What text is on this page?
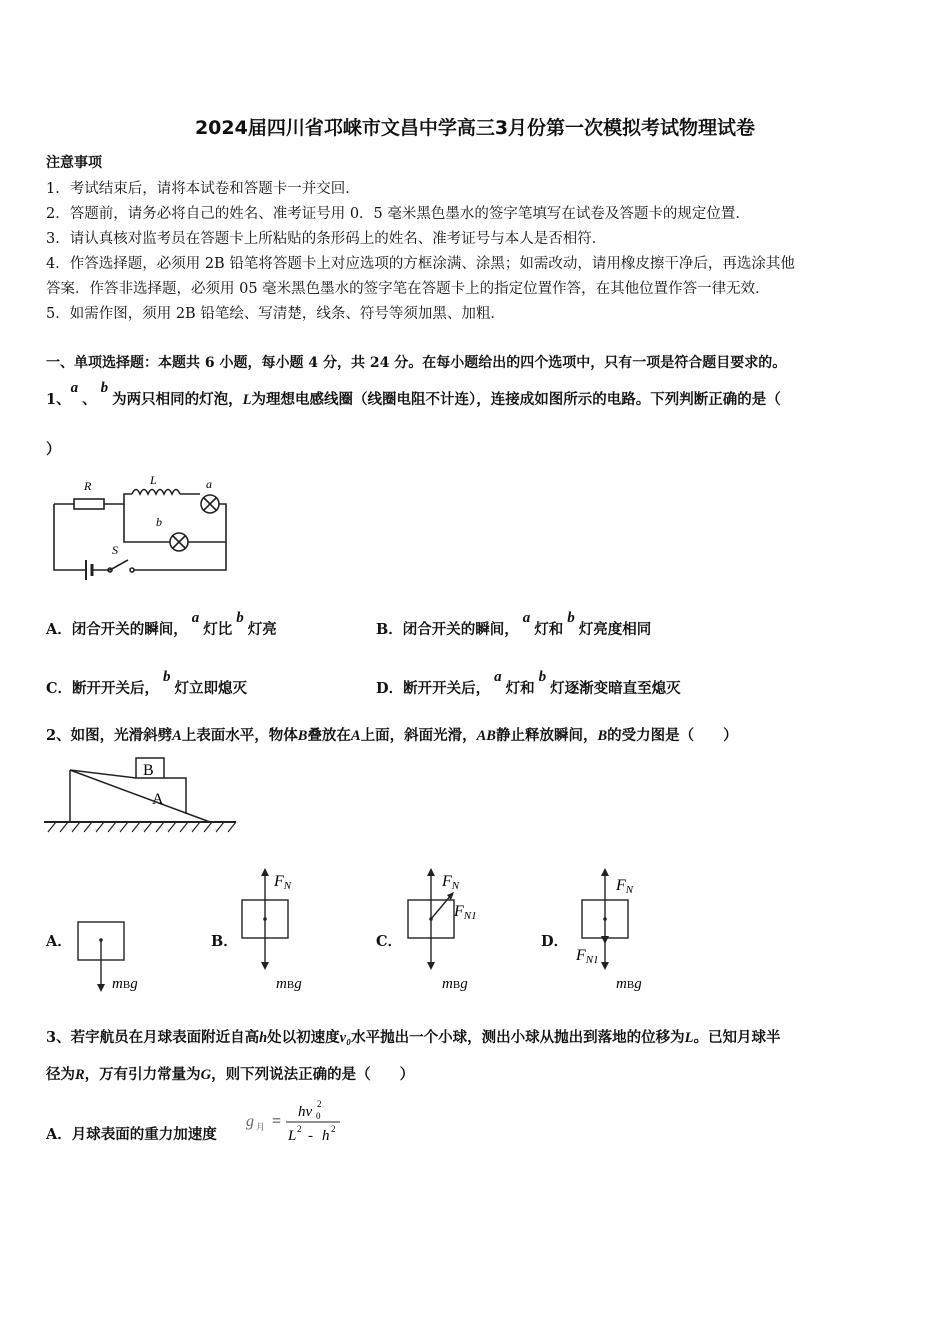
2024届四川省邛崃市文昌中学高三3月份第一次模拟考试物理试卷
注意事项
1．考试结束后，请将本试卷和答题卡一并交回．
2．答题前，请务必将自己的姓名、准考证号用 0．5 毫米黑色墨水的签字笔填写在试卷及答题卡的规定位置．
3．请认真核对监考员在答题卡上所粘贴的条形码上的姓名、准考证号与本人是否相符．
4．作答选择题，必须用 2B 铅笔将答题卡上对应选项的方框涂满、涂黑；如需改动，请用橡皮擦干净后，再选涂其他
答案．作答非选择题，必须用 05 毫米黑色墨水的签字笔在答题卡上的指定位置作答，在其他位置作答一律无效．
5．如需作图，须用 2B 铅笔绘、写清楚，线条、符号等须加黑、加粗．
一、单项选择题：本题共 6 小题，每小题 4 分，共 24 分。在每小题给出的四个选项中，只有一项是符合题目要求的。
1、a、b为两只相同的灯泡，L为理想电感线圈（线圈电阻不计连），连接成如图所示的电路。下列判断正确的是（
）
R	L	a
b
S
A．闭合开关的瞬间，a灯比b灯亮	B．闭合开关的瞬间，a灯和b灯亮度相同
C．断开开关后，b灯立即熄灭	D．断开开关后，a灯和b灯逐渐变暗直至熄灭
2、如图，光滑斜劈A上表面水平，物体B叠放在A上面，斜面光滑，AB静止释放瞬间，B的受力图是（　　）
B
A
A．
mBg
B．
FN
mBg
C．
FN
FN1
mBg
D．
FN
FN1
mBg
3、若宇航员在月球表面附近自高h处以初速度v₀水平抛出一个小球，测出小球从抛出到落地的位移为L。已知月球半
径为R，万有引力常量为G，则下列说法正确的是（　　）
A．月球表面的重力加速度
g 月 =
hv 2
0
L 2 - h 2
